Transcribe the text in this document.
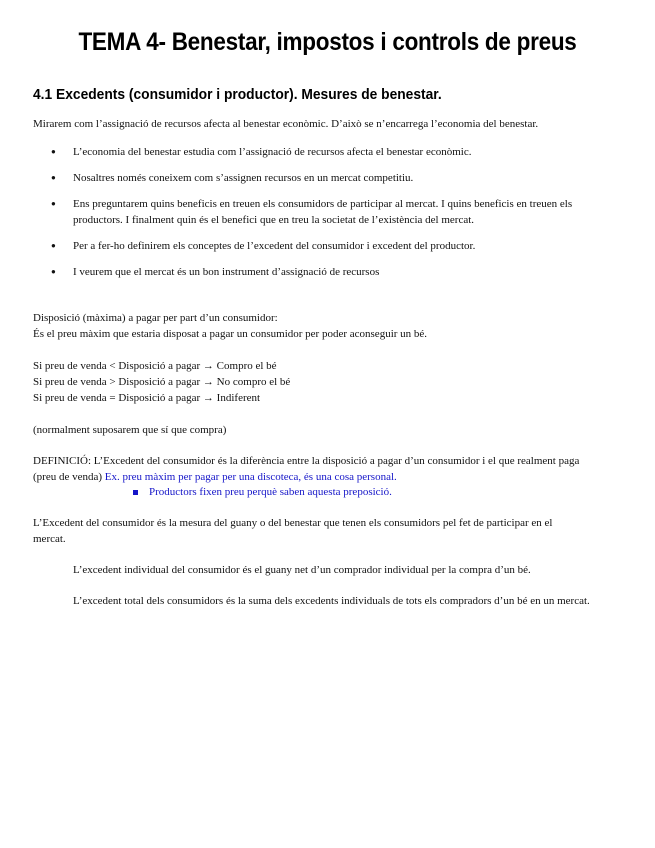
TEMA 4- Benestar, impostos i controls de preus
4.1 Excedents (consumidor i productor). Mesures de benestar.
Mirarem com l’assignació de recursos afecta al benestar econòmic. D’això se n’encarrega l’economia del benestar.
● L’economia del benestar estudia com l’assignació de recursos afecta el benestar econòmic.
● Nosaltres només coneixem com s’assignen recursos en un mercat competitiu.
● Ens preguntarem quins beneficis en treuen els consumidors de participar al mercat. I quins beneficis en treuen els productors. I finalment quin és el benefici que en treu la societat de l’existència del mercat.
● Per a fer-ho definirem els conceptes de l’excedent del consumidor i excedent del productor.
● I veurem que el mercat és un bon instrument d’assignació de recursos
Disposició (màxima) a pagar per part d’un consumidor:
És el preu màxim que estaria disposat a pagar un consumidor per poder aconseguir un bé.
Si preu de venda < Disposició a pagar → Compro el bé
Si preu de venda > Disposició a pagar → No compro el bé
Si preu de venda = Disposició a pagar → Indiferent
(normalment suposarem que sí que compra)
DEFINICIÓ: L’Excedent del consumidor és la diferència entre la disposició a pagar d’un consumidor i el que realment paga
(preu de venda) Ex. preu màxim per pagar per una discoteca, és una cosa personal.
Productors fixen preu perquè saben aquesta preposició.
L’Excedent del consumidor és la mesura del guany o del benestar que tenen els consumidors pel fet de participar en el
mercat.
L’excedent individual del consumidor és el guany net d’un comprador individual per la compra d’un bé.
L’excedent total dels consumidors és la suma dels excedents individuals de tots els compradors d’un bé en un mercat.
